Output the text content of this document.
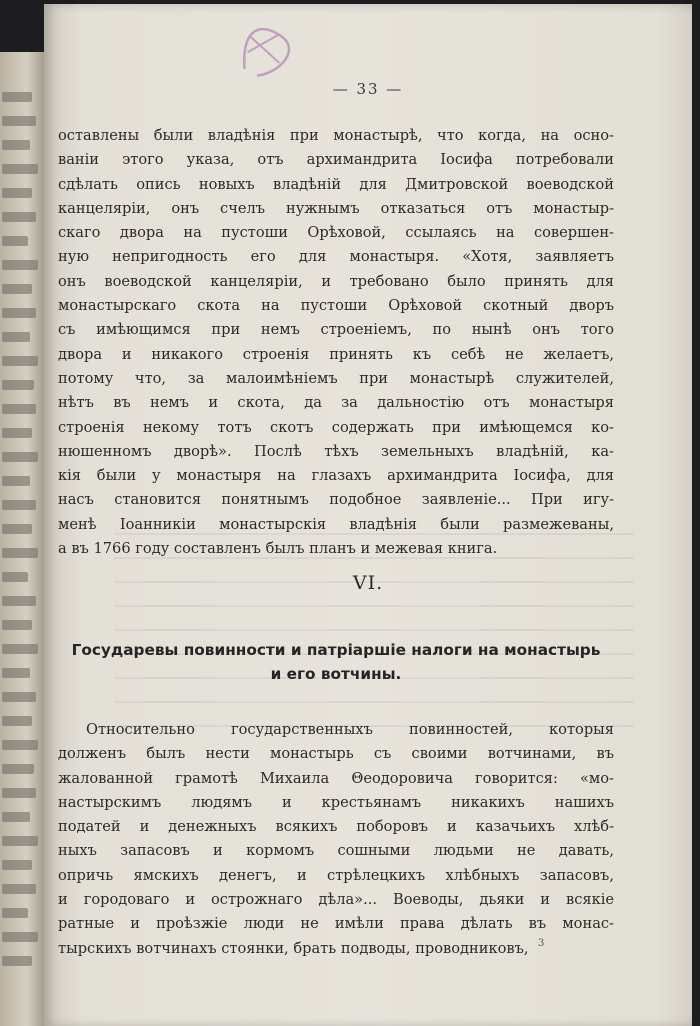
— 33 —
оставлены были владѣнія при монастырѣ, что когда, на осно-
ваніи этого указа, отъ архимандрита Іосифа потребовали
сдѣлать опись новыхъ владѣній для Дмитровской воеводской
канцеляріи, онъ счелъ нужнымъ отказаться отъ монастыр-
скаго двора на пустоши Орѣховой, ссылаясь на совершен-
ную непригодность его для монастыря. «Хотя, заявляетъ
онъ воеводской канцеляріи, и требовано было принять для
монастырскаго скота на пустоши Орѣховой скотный дворъ
съ имѣющимся при немъ строеніемъ, по нынѣ онъ того
двора и никакого строенія принять къ себѣ не желаетъ,
потому что, за малоимѣніемъ при монастырѣ служителей,
нѣтъ въ немъ и скота, да за дальностію отъ монастыря
строенія некому тотъ скотъ содержать при имѣющемся ко-
нюшенномъ дворѣ». Послѣ тѣхъ земельныхъ владѣній, ка-
кія были у монастыря на глазахъ архимандрита Іосифа, для
насъ становится понятнымъ подобное заявленіе... При игу-
менѣ Іоанникіи монастырскія владѣнія были размежеваны,
а въ 1766 году составленъ былъ планъ и межевая книга.
VI.
Государевы повинности и патріаршіе налоги на монастырь
и его вотчины.
Относительно государственныхъ повинностей, которыя
долженъ былъ нести монастырь съ своими вотчинами, въ
жалованной грамотѣ Михаила Θеодоровича говорится: «мо-
настырскимъ людямъ и крестьянамъ никакихъ нашихъ
податей и денежныхъ всякихъ поборовъ и казачьихъ хлѣб-
ныхъ запасовъ и кормомъ сошными людьми не давать,
опричь ямскихъ денегъ, и стрѣлецкихъ хлѣбныхъ запасовъ,
и городоваго и острожнаго дѣла»... Воеводы, дьяки и всякіе
ратные и проѣзжіе люди не имѣли права дѣлать въ монас-
тырскихъ вотчинахъ стоянки, брать подводы, проводниковъ, 3
